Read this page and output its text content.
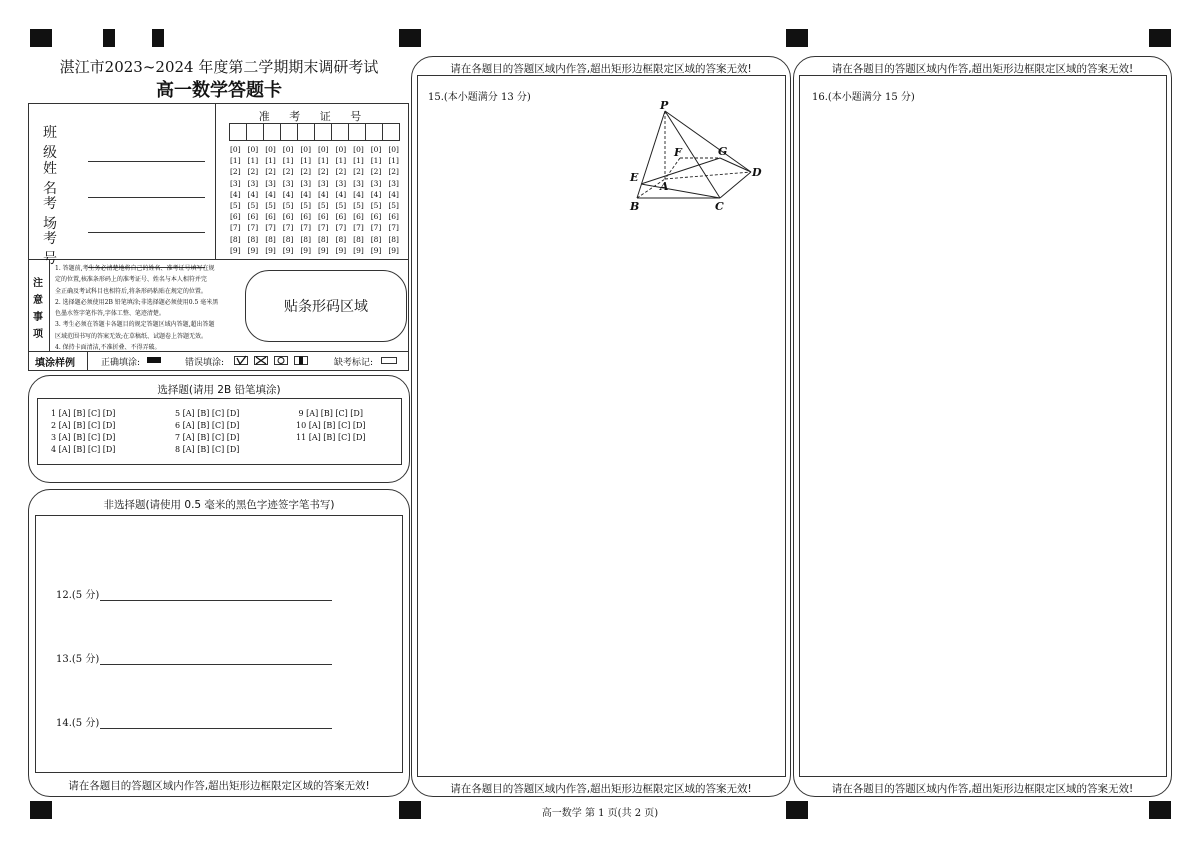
湛江市2023~2024 年度第二学期期末调研考试
高一数学答题卡
班 级
姓 名
考 场
考 号
准 考 证 号
[0] [0] [0] [0] [0] [0] [0] [0] [0] [0]
[1] [1] [1] [1] [1] [1] [1] [1] [1] [1]
[2] [2] [2] [2] [2] [2] [2] [2] [2] [2]
[3] [3] [3] [3] [3] [3] [3] [3] [3] [3]
[4] [4] [4] [4] [4] [4] [4] [4] [4] [4]
[5] [5] [5] [5] [5] [5] [5] [5] [5] [5]
[6] [6] [6] [6] [6] [6] [6] [6] [6] [6]
[7] [7] [7] [7] [7] [7] [7] [7] [7] [7]
[8] [8] [8] [8] [8] [8] [8] [8] [8] [8]
[9] [9] [9] [9] [9] [9] [9] [9] [9] [9]
注意事项
1. 答题前,考生务必清楚地将自己的姓名、准考证号填写在规
定的位置,核准条形码上的准考证号、姓名与本人相符并完
全正确及考试科目也相符后,将条形码粘贴在规定的位置。
2. 选择题必须使用2B 铅笔填涂;非选择题必须使用0.5 毫米黑
色墨水签字笔作答,字体工整、笔迹清楚。
3. 考生必须在答题卡各题目的规定答题区域内答题,超出答题
区域范围书写的答案无效;在草稿纸、试题卷上答题无效。
4. 保持卡面清洁,不准折叠、不得弄破。
贴条形码区域
填涂样例	正确填涂:	错误填涂:	缺考标记:
选择题(请用 2B 铅笔填涂)
1 [A] [B] [C] [D]
2 [A] [B] [C] [D]
3 [A] [B] [C] [D]
4 [A] [B] [C] [D]
5 [A] [B] [C] [D]
6 [A] [B] [C] [D]
7 [A] [B] [C] [D]
8 [A] [B] [C] [D]
9 [A] [B] [C] [D]
10 [A] [B] [C] [D]
11 [A] [B] [C] [D]
非选择题(请使用 0.5 毫米的黑色字迹签字笔书写)
12.(5 分)
13.(5 分)
14.(5 分)
请在各题目的答题区域内作答,超出矩形边框限定区域的答案无效!
请在各题目的答题区域内作答,超出矩形边框限定区域的答案无效!
15.(本小题满分 13 分)
P
F	G
E
A
D
B	C
请在各题目的答题区域内作答,超出矩形边框限定区域的答案无效!
请在各题目的答题区域内作答,超出矩形边框限定区域的答案无效!
16.(本小题满分 15 分)
请在各题目的答题区域内作答,超出矩形边框限定区域的答案无效!
高一数学 第 1 页(共 2 页)
